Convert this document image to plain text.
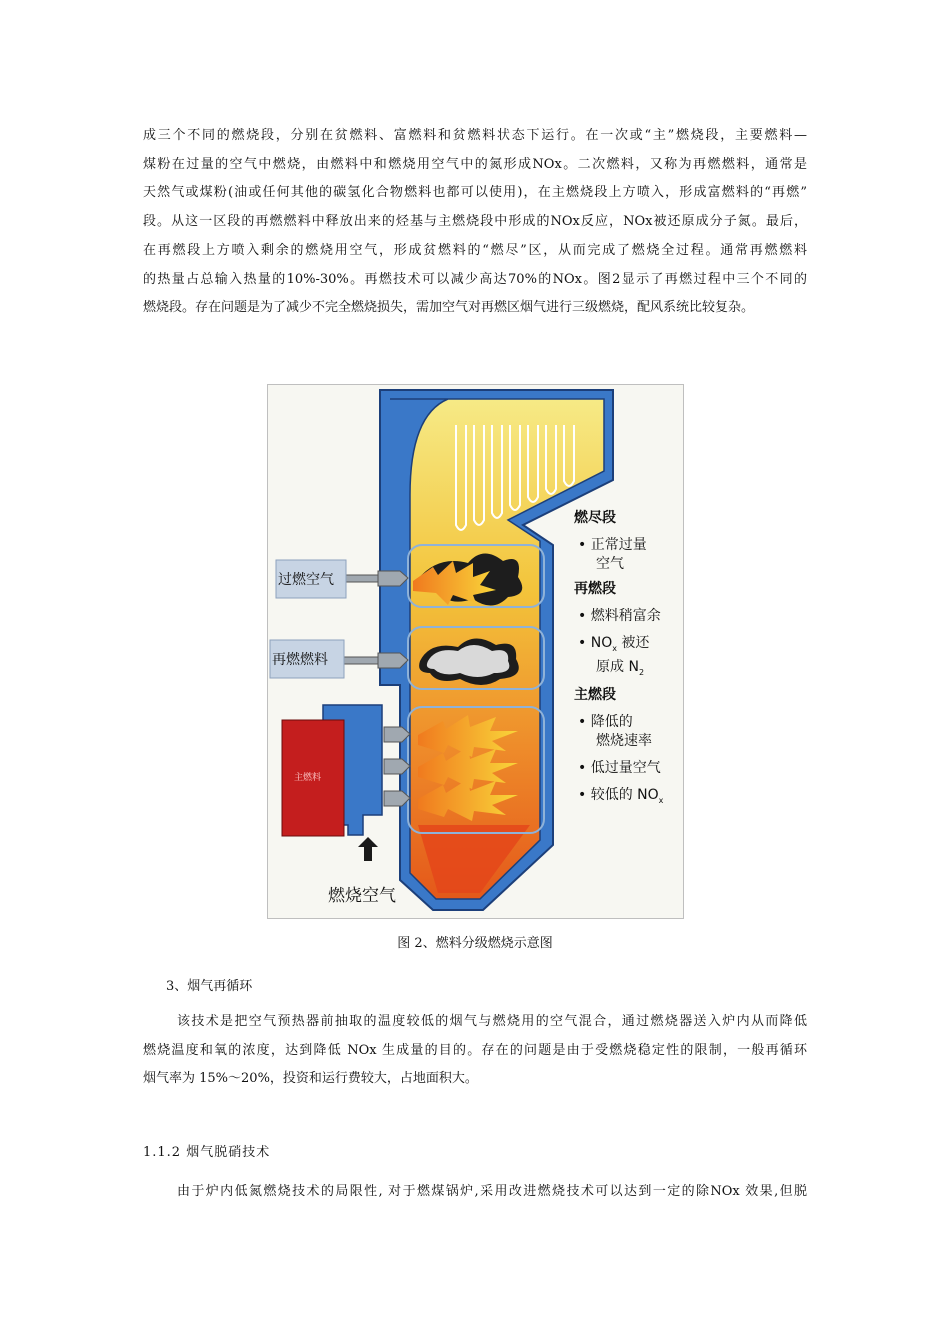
成三个不同的燃烧段，分别在贫燃料、富燃料和贫燃料状态下运行。在一次或“主”燃烧段，主要燃料—
煤粉在过量的空气中燃烧，由燃料中和燃烧用空气中的氮形成NOx。二次燃料，又称为再燃燃料，通常是
天然气或煤粉(油或任何其他的碳氢化合物燃料也都可以使用)，在主燃烧段上方喷入，形成富燃料的“再燃”
段。从这一区段的再燃燃料中释放出来的烃基与主燃烧段中形成的NOx反应，NOx被还原成分子氮。最后，
在再燃段上方喷入剩余的燃烧用空气，形成贫燃料的“燃尽”区，从而完成了燃烧全过程。通常再燃燃料
的热量占总输入热量的10%-30%。再燃技术可以减少高达70%的NOx。图2显示了再燃过程中三个不同的
燃烧段。存在问题是为了减少不完全燃烧损失，需加空气对再燃区烟气进行三级燃烧，配风系统比较复杂。
过燃空气
再燃燃料
主燃料
燃烧空气
燃尽段
• 正常过量
空气
再燃段
• 燃料稍富余
• $NO_x$ 被还
原成 $N_2$
主燃段
• 降低的
燃烧速率
• 低过量空气
• 较低的 $NO_x$
图 2、燃料分级燃烧示意图
3、烟气再循环
该技术是把空气预热器前抽取的温度较低的烟气与燃烧用的空气混合，通过燃烧器送入炉内从而降低
燃烧温度和氧的浓度，达到降低 NOx 生成量的目的。存在的问题是由于受燃烧稳定性的限制，一般再循环
烟气率为 15%～20%，投资和运行费较大，占地面积大。
1.1.2 烟气脱硝技术
由于炉内低氮燃烧技术的局限性, 对于燃煤锅炉,采用改进燃烧技术可以达到一定的除NOx 效果,但脱
